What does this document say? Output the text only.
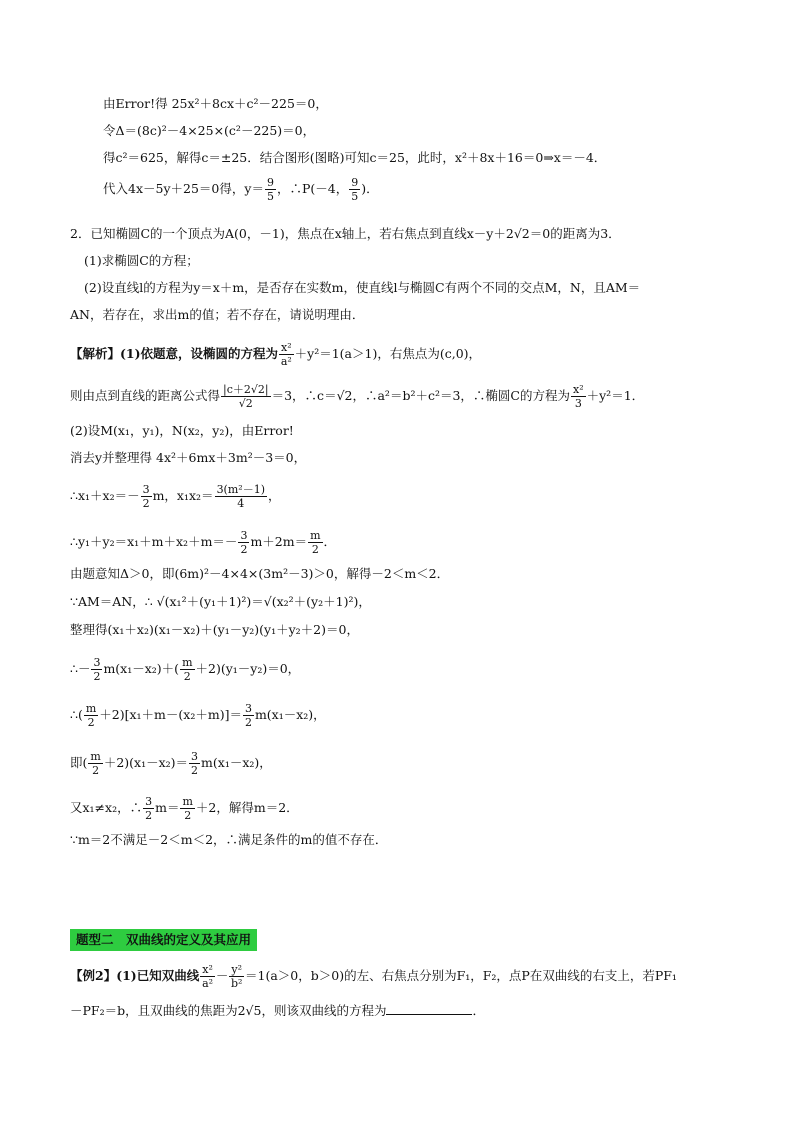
由Error!得 25x²＋8cx＋c²－225＝0，
令Δ＝(8c)²－4×25×(c²－225)＝0，
得c²＝625，解得c＝±25．结合图形(图略)可知c＝25，此时，x²＋8x＋16＝0⇒x＝－4．
代入4x－5y＋25＝0得，$y= \frac{9}{5}$ ，∴P(－4， $\frac{9}{5}$ )．
2．已知椭圆C的一个顶点为A(0，－1)，焦点在x轴上，若右焦点到直线x－y＋2√2＝0的距离为3．
(1)求椭圆C的方程；
(2)设直线l的方程为y＝x＋m，是否存在实数m，使直线l与椭圆C有两个不同的交点M，N，且AM＝
AN，若存在，求出m的值；若不存在，请说明理由．
【解析】(1)依题意，设椭圆的方程为 $\frac{\text{x²}}{\text{a²}} +y^2=1(a>1)$，右焦点为(c,0)，
则由点到直线的距离公式得 $\frac{|c+2√2|}{√2} =3$，∴c＝√2，∴a²＝b²＋c²＝3，∴椭圆C的方程为 $\frac{\text{x²}}{3} +y^2=1$．
(2)设M(x₁，y₁)，N(x₂，y₂)，由Error!
消去y并整理得 4x²＋6mx＋3m²－3＝0，
∴x₁＋x₂＝－ $\frac{3}{2}$ m，$x_1x_2= \frac{\text{3(m²－1)}}{4}$ ，
∴y₁＋y₂＝x₁＋m＋x₂＋m＝－ $\frac{3}{2} m+2m= \frac{m}{2}$ ．
由题意知Δ＞0，即(6m)²－4×4×(3m²－3)＞0，解得－2＜m＜2．
∵AM＝AN，∴ √(x₁²＋(y₁＋1)²)＝√(x₂²＋(y₂＋1)²)，
整理得(x₁＋x₂)(x₁－x₂)＋(y₁－y₂)(y₁＋y₂＋2)＝0，
∴－ $\frac{3}{2} m(x_1-x_2)+( \frac{m}{2} +2)(y_1-y_2)=0$，
∴( $\frac{m}{2} +2)[x_1+m-(x_2+m)]= \frac{3}{2} m(x_1-x_2)$，
即( $\frac{m}{2} +2)(x_1-x_2)= \frac{3}{2} m(x_1-x_2)$，
又x₁≠x₂，∴ $\frac{3}{2} m= \frac{m}{2} +2$，解得m＝2．
∵m＝2不满足－2＜m＜2，∴满足条件的m的值不存在．
题型二　双曲线的定义及其应用
【例2】(1)已知双曲线 $\frac{\text{x²}}{\text{a²}} - \frac{\text{y²}}{\text{b²}} =1(a>0$，b＞0)的左、右焦点分别为F₁，F₂，点P在双曲线的右支上，若PF₁
－PF₂＝b，且双曲线的焦距为2√5，则该双曲线的方程为	．
